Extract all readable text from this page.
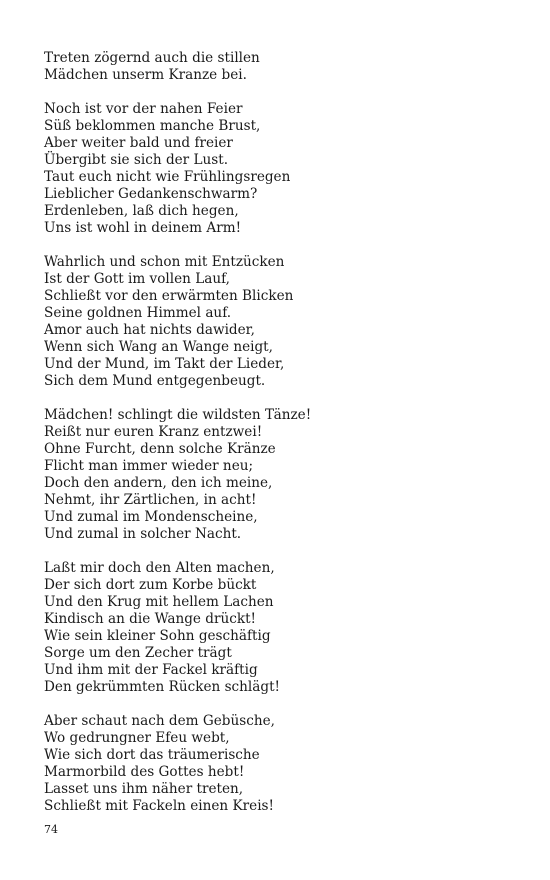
Treten zögernd auch die stillen
Mädchen unserm Kranze bei.
Noch ist vor der nahen Feier
Süß beklommen manche Brust,
Aber weiter bald und freier
Übergibt sie sich der Lust.
Taut euch nicht wie Frühlingsregen
Lieblicher Gedankenschwarm?
Erdenleben, laß dich hegen,
Uns ist wohl in deinem Arm!
Wahrlich und schon mit Entzücken
Ist der Gott im vollen Lauf,
Schließt vor den erwärmten Blicken
Seine goldnen Himmel auf.
Amor auch hat nichts dawider,
Wenn sich Wang an Wange neigt,
Und der Mund, im Takt der Lieder,
Sich dem Mund entgegenbeugt.
Mädchen! schlingt die wildsten Tänze!
Reißt nur euren Kranz entzwei!
Ohne Furcht, denn solche Kränze
Flicht man immer wieder neu;
Doch den andern, den ich meine,
Nehmt, ihr Zärtlichen, in acht!
Und zumal im Mondenscheine,
Und zumal in solcher Nacht.
Laßt mir doch den Alten machen,
Der sich dort zum Korbe bückt
Und den Krug mit hellem Lachen
Kindisch an die Wange drückt!
Wie sein kleiner Sohn geschäftig
Sorge um den Zecher trägt
Und ihm mit der Fackel kräftig
Den gekrümmten Rücken schlägt!
Aber schaut nach dem Gebüsche,
Wo gedrungner Efeu webt,
Wie sich dort das träumerische
Marmorbild des Gottes hebt!
Lasset uns ihm näher treten,
Schließt mit Fackeln einen Kreis!
74
